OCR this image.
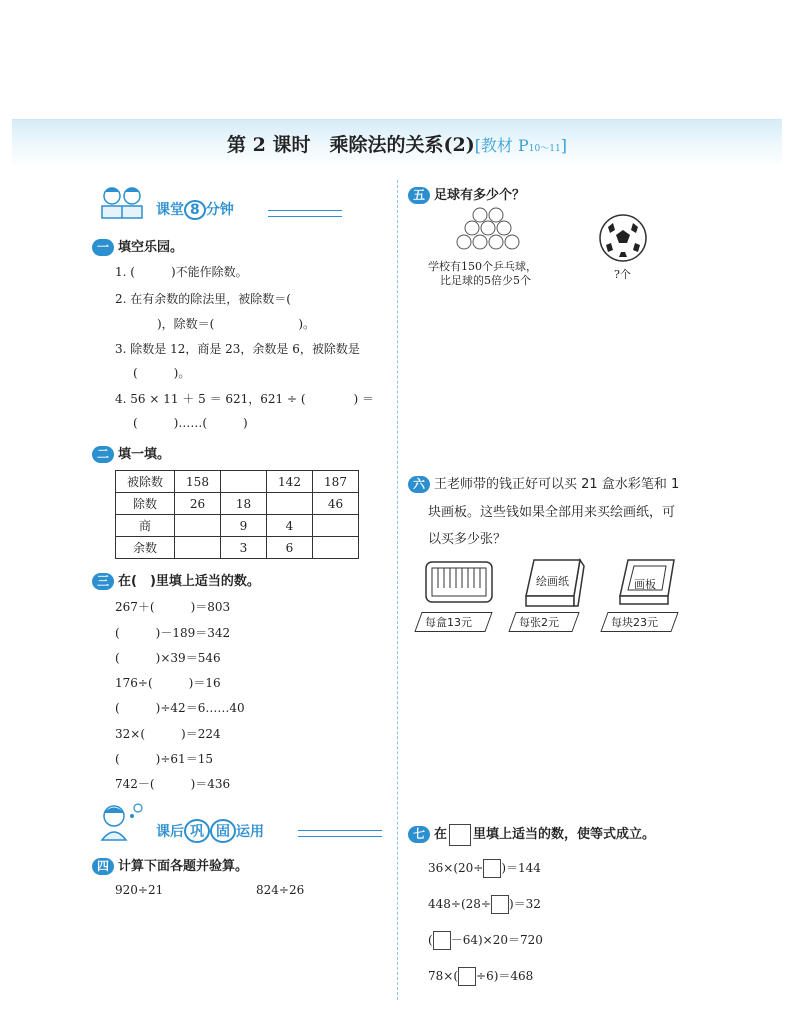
第 2 课时　乘除法的关系(2)[教材 P10～11]
课堂 8 分钟
一 填空乐园。
1. (　　　)不能作除数。
2. 在有余数的除法里，被除数＝(
　　)，除数＝(　　　　　　　)。
3. 除数是 12，商是 23，余数是 6，被除数是
(　　　)。
4. 56 × 11 ＋ 5 ＝ 621，621 ÷ (　　　　) ＝
(　　　)……(　　　)
二 填一填。
被除数	158		142	187
除数	26	18		46
商		9	4	
余数		3	6	
三 在(　)里填上适当的数。
267＋(　　　)＝803
(　　　)－189＝342
(　　　)×39＝546
176÷(　　　)＝16
(　　　)÷42＝6……40
32×(　　　)＝224
(　　　)÷61＝15
742－(　　　)＝436
课后 巩 固 运用
四 计算下面各题并验算。
920÷21	824÷26
五 足球有多少个？
学校有150个乒乓球，
比足球的5倍少5个	?个
六 王老师带的钱正好可以买 21 盒水彩笔和 1
块画板。这些钱如果全部用来买绘画纸，可
以买多少张？
每盒13元
绘画纸
每张2元
画板
每块23元
七 在 里填上适当的数，使等式成立。
36×(20÷ )＝144
448÷(28÷ )＝32
( －64)×20＝720
78×( ÷6)＝468
